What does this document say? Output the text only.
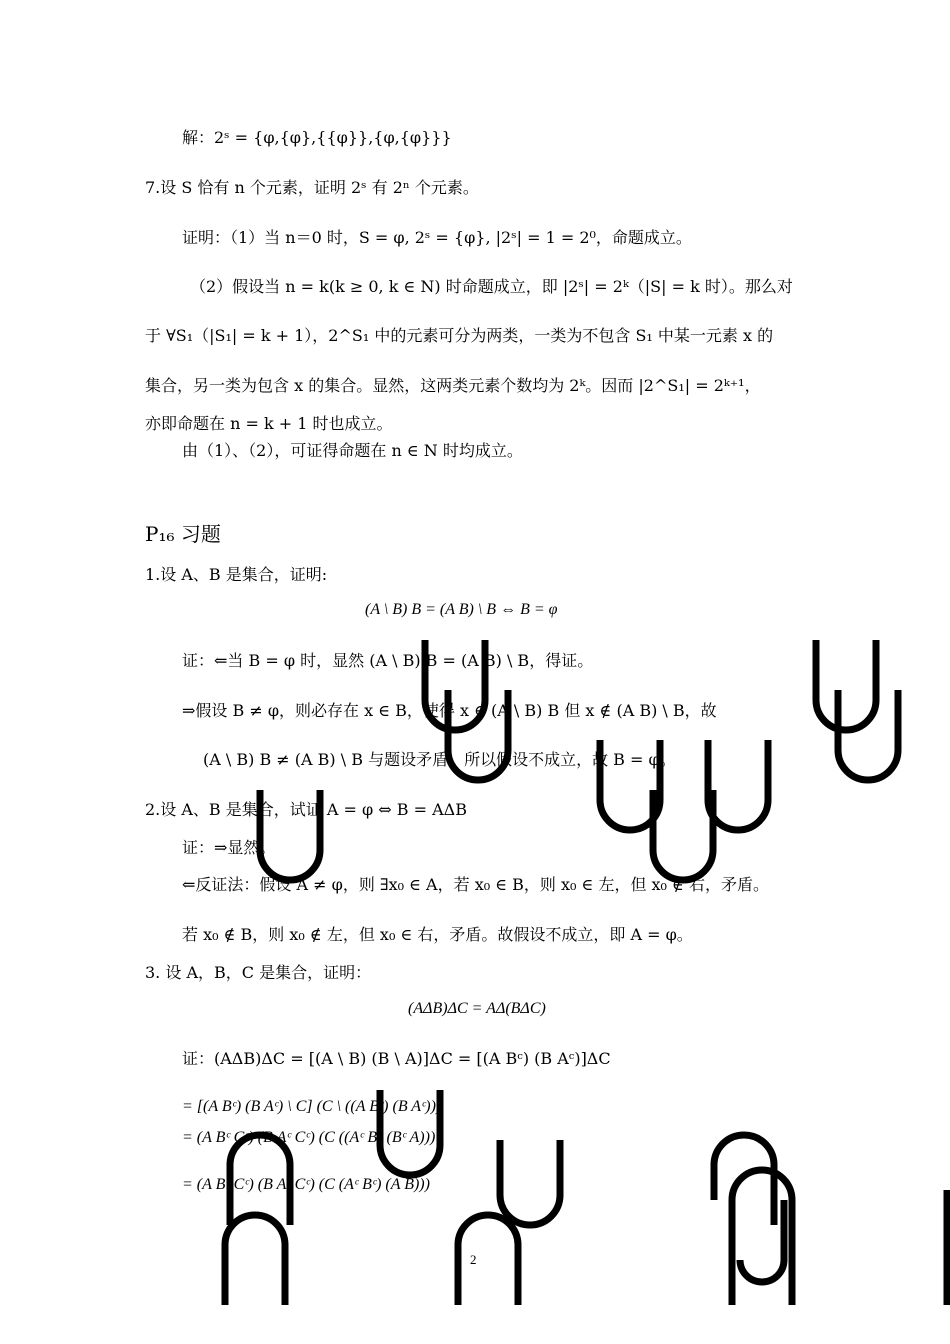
解：2ˢ = {φ,{φ},{{φ}},{φ,{φ}}}
7.设 S 恰有 n 个元素，证明 2ˢ 有 2ⁿ 个元素。
证明：（1）当 n＝0 时，S = φ, 2ˢ = {φ}, |2ˢ| = 1 = 2⁰，命题成立。
（2）假设当 n = k(k ≥ 0, k ∈ N) 时命题成立，即 |2ˢ| = 2ᵏ（|S| = k 时）。那么对
于 ∀S₁（|S₁| = k + 1），2^S₁ 中的元素可分为两类，一类为不包含 S₁ 中某一元素 x 的
集合，另一类为包含 x 的集合。显然，这两类元素个数均为 2ᵏ。因而 |2^S₁| = 2ᵏ⁺¹，
亦即命题在 n = k + 1 时也成立。
由（1）、（2），可证得命题在 n ∈ N 时均成立。
P₁₆ 习题
1.设 A、B 是集合，证明:
(A \ B) B = (A B) \ B ⇔ B = φ
证：⇐当 B = φ 时，显然 (A \ B) B = (A B) \ B，得证。
⇒假设 B ≠ φ，则必存在 x ∈ B，使得 x ∈ (A \ B) B 但 x ∉ (A B) \ B，故
(A \ B) B ≠ (A B) \ B 与题设矛盾。所以假设不成立，故 B = φ。
2.设 A、B 是集合，试证 A = φ ⇔ B = AΔB
证：⇒显然。
⇐反证法：假设 A ≠ φ，则 ∃x₀ ∈ A，若 x₀ ∈ B，则 x₀ ∈ 左，但 x₀ ∉ 右，矛盾。
若 x₀ ∉ B，则 x₀ ∉ 左，但 x₀ ∈ 右，矛盾。故假设不成立，即 A = φ。
3. 设 A，B，C 是集合，证明：
(AΔB)ΔC = AΔ(BΔC)
证：(AΔB)ΔC = [(A \ B) (B \ A)]ΔC = [(A Bᶜ) (B Aᶜ)]ΔC
= [(A Bᶜ) (B Aᶜ) \ C] (C \ ((A Bᶜ) (B Aᶜ)))
= (A Bᶜ Cᶜ) (B Aᶜ Cᶜ) (C ((Aᶜ B) (Bᶜ A)))
= (A Bᶜ Cᶜ) (B Aᶜ Cᶜ) (C (Aᶜ Bᶜ) (A B)))
2
